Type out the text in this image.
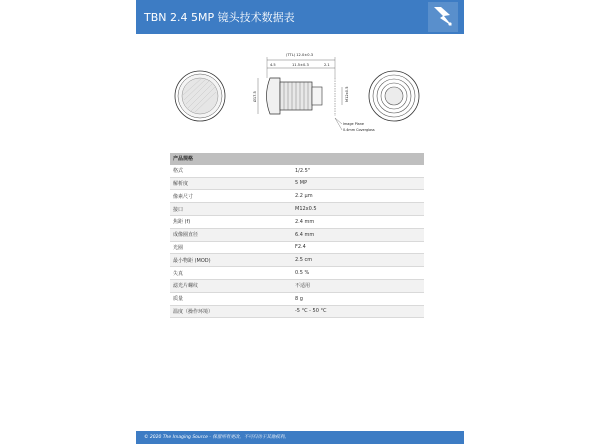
TBN 2.4 5MP 镜头技术数据表
(TTL) 12.0±0.3
4.5	11.5±0.3	2.1
Ø17.5	M12x0.5
Image Plane
0.4mm Coverglass
产品规格	
格式	1/2.5"
解析度	5 MP
像素尺寸	2.2 µm
接口	M12x0.5
焦距 (f)	2.4 mm
成像圈直径	6.4 mm
光圈	F2.4
最小物距 (MOD)	2.5 cm
失真	0.5 %
滤光片螺纹	不适用
质量	8 g
温度（操作环境）	-5 °C - 50 °C
© 2020 The Imaging Source - 保留所有更改，不可归功于其他权利。
